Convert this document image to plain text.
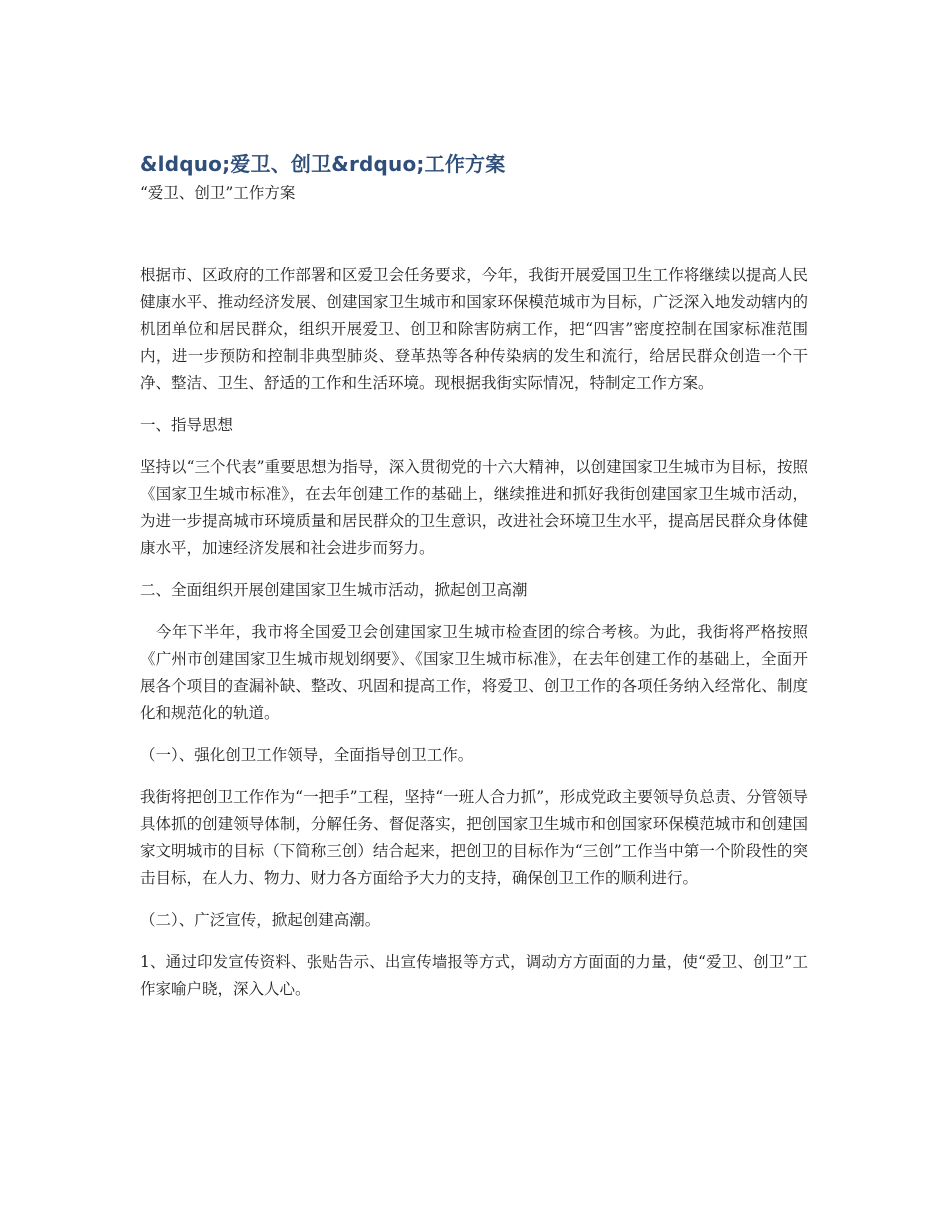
&ldquo;爱卫、创卫&rdquo;工作方案

“爱卫、创卫”工作方案

根据市、区政府的工作部署和区爱卫会任务要求，今年，我街开展爱国卫生工作将继续以提高人民健康水平、推动经济发展、创建国家卫生城市和国家环保模范城市为目标，广泛深入地发动辖内的机团单位和居民群众，组织开展爱卫、创卫和除害防病工作，把“四害”密度控制在国家标准范围内，进一步预防和控制非典型肺炎、登革热等各种传染病的发生和流行，给居民群众创造一个干净、整洁、卫生、舒适的工作和生活环境。现根据我街实际情况，特制定工作方案。

一、指导思想

坚持以“三个代表”重要思想为指导，深入贯彻党的十六大精神，以创建国家卫生城市为目标，按照《国家卫生城市标准》，在去年创建工作的基础上，继续推进和抓好我街创建国家卫生城市活动，为进一步提高城市环境质量和居民群众的卫生意识，改进社会环境卫生水平，提高居民群众身体健康水平，加速经济发展和社会进步而努力。

二、全面组织开展创建国家卫生城市活动，掀起创卫高潮

　今年下半年，我市将全国爱卫会创建国家卫生城市检查团的综合考核。为此，我街将严格按照《广州市创建国家卫生城市规划纲要》、《国家卫生城市标准》，在去年创建工作的基础上，全面开展各个项目的查漏补缺、整改、巩固和提高工作，将爱卫、创卫工作的各项任务纳入经常化、制度化和规范化的轨道。

（一）、强化创卫工作领导，全面指导创卫工作。

我街将把创卫工作作为“一把手”工程，坚持“一班人合力抓”，形成党政主要领导负总责、分管领导具体抓的创建领导体制，分解任务、督促落实，把创国家卫生城市和创国家环保模范城市和创建国家文明城市的目标（下简称三创）结合起来，把创卫的目标作为“三创”工作当中第一个阶段性的突击目标，在人力、物力、财力各方面给予大力的支持，确保创卫工作的顺利进行。

（二）、广泛宣传，掀起创建高潮。

1、通过印发宣传资料、张贴告示、出宣传墙报等方式，调动方方面面的力量，使“爱卫、创卫”工作家喻户晓，深入人心。
